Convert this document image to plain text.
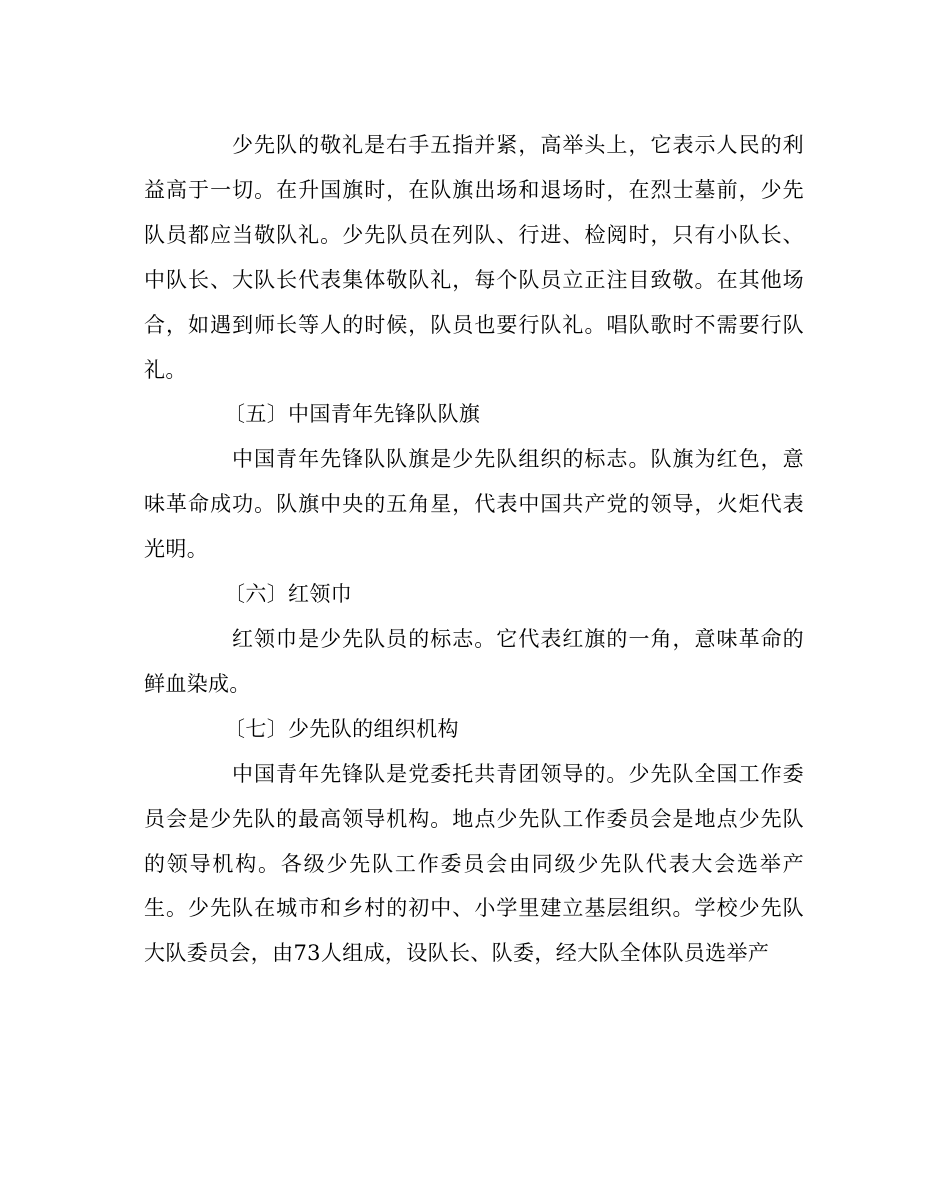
少先队的敬礼是右手五指并紧，高举头上，它表示人民的利益高于一切。在升国旗时，在队旗出场和退场时，在烈士墓前，少先队员都应当敬队礼。少先队员在列队、行进、检阅时，只有小队长、中队长、大队长代表集体敬队礼，每个队员立正注目致敬。在其他场合，如遇到师长等人的时候，队员也要行队礼。唱队歌时不需要行队礼。

〔五〕中国青年先锋队队旗

中国青年先锋队队旗是少先队组织的标志。队旗为红色，意味革命成功。队旗中央的五角星，代表中国共产党的领导，火炬代表光明。

〔六〕红领巾

红领巾是少先队员的标志。它代表红旗的一角，意味革命的鲜血染成。

〔七〕少先队的组织机构

中国青年先锋队是党委托共青团领导的。少先队全国工作委员会是少先队的最高领导机构。地点少先队工作委员会是地点少先队的领导机构。各级少先队工作委员会由同级少先队代表大会选举产生。少先队在城市和乡村的初中、小学里建立基层组织。学校少先队大队委员会，由73人组成，设队长、队委，经大队全体队员选举产
